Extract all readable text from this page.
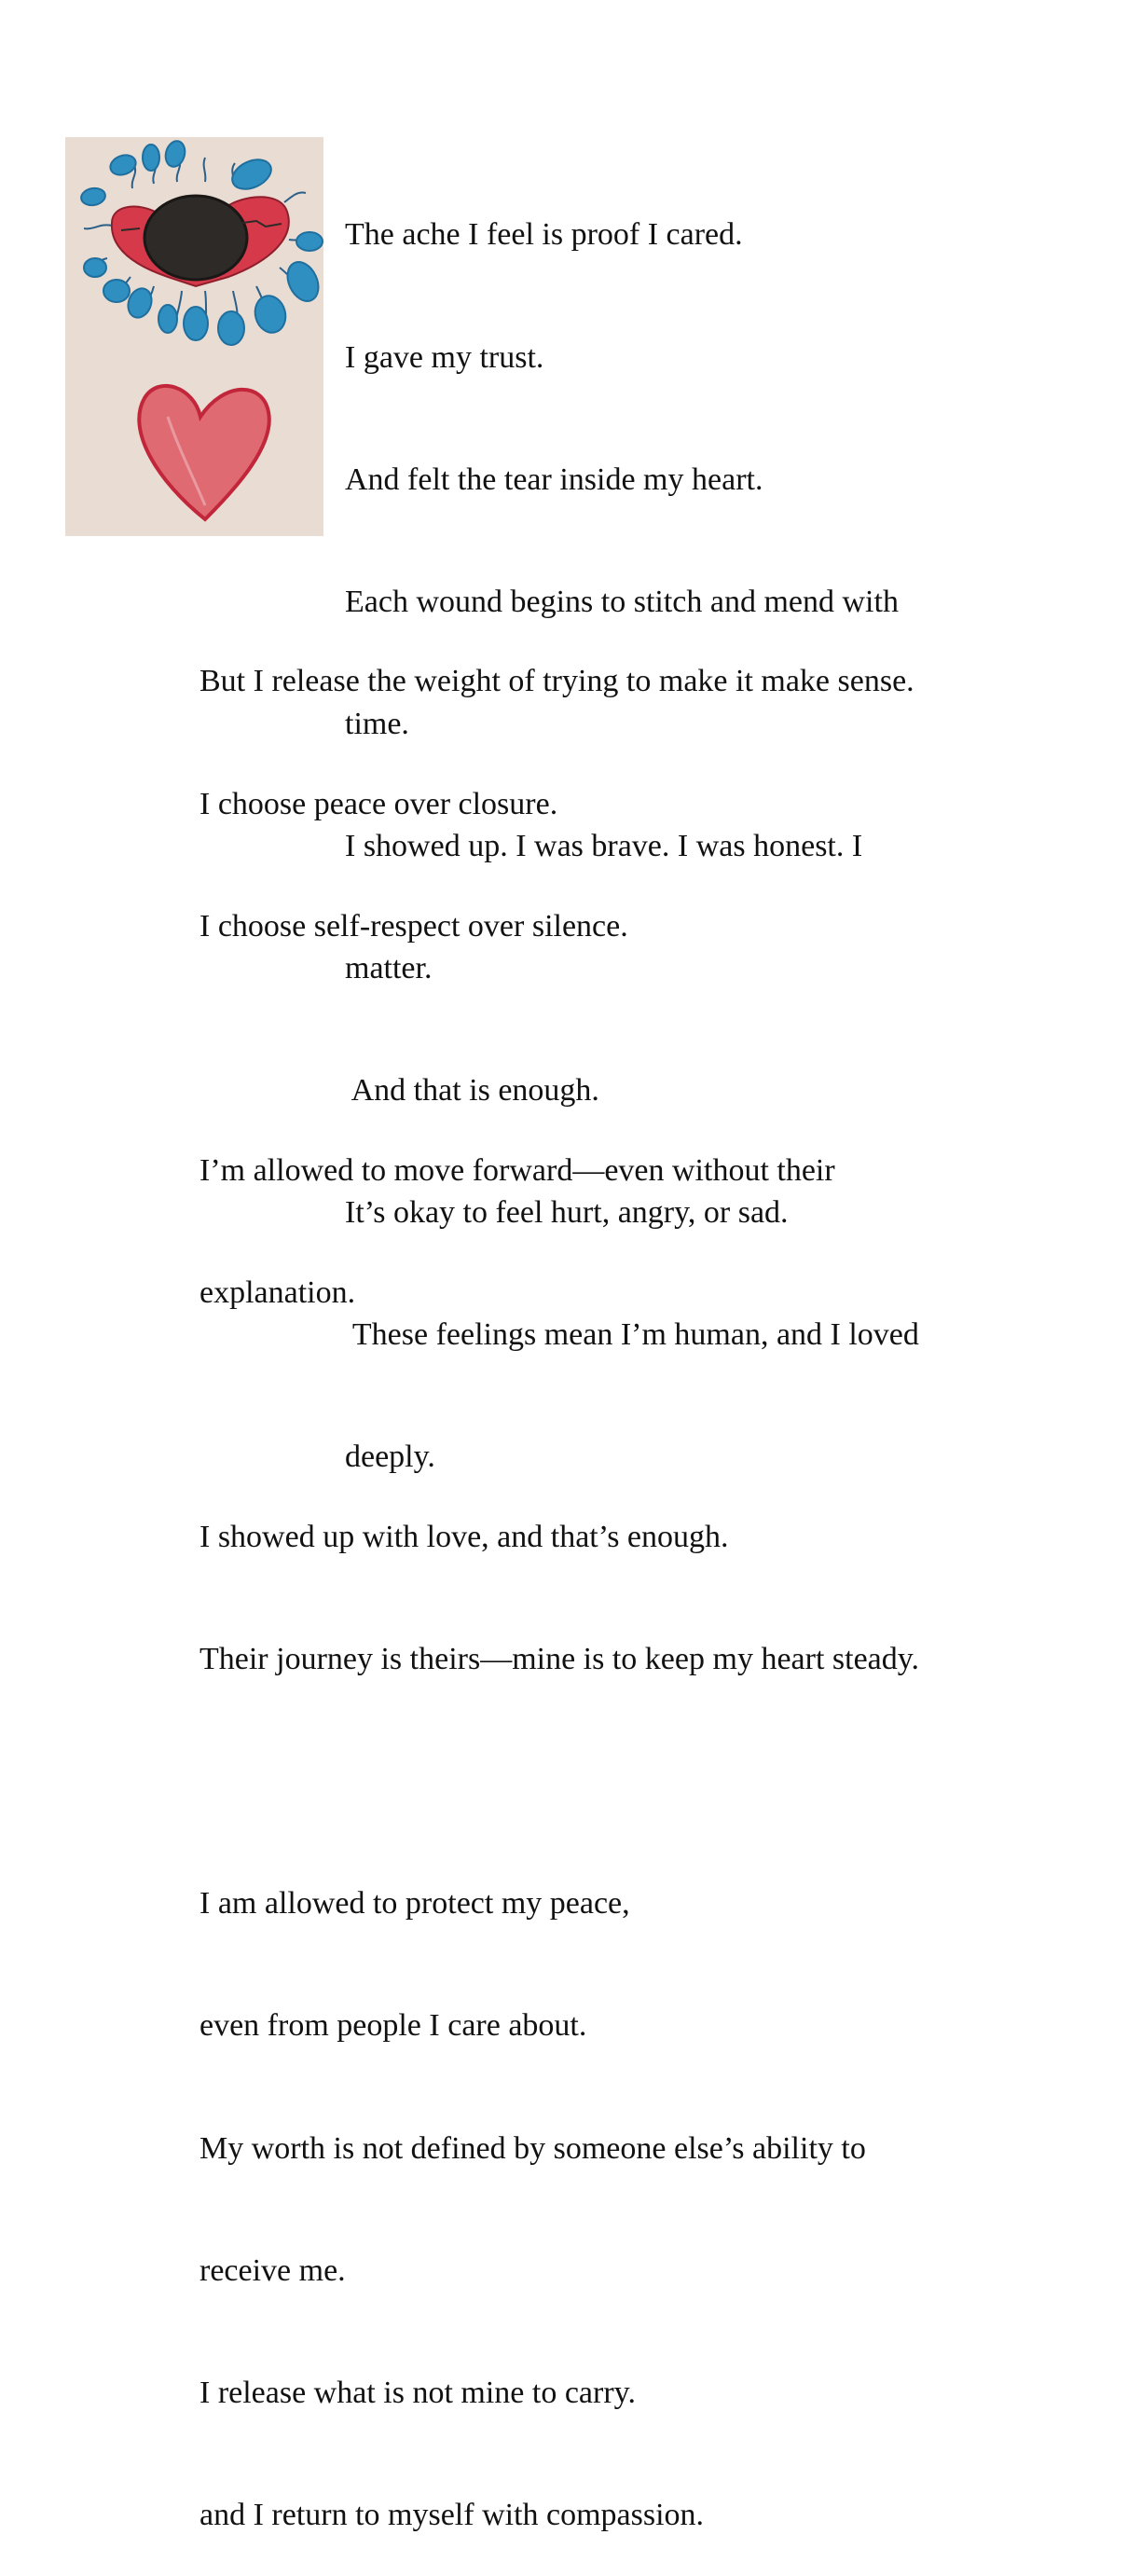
The ache I feel is proof I cared.

I gave my trust.

And felt the tear inside my heart.

Each wound begins to stitch and mend with

time.

I showed up. I was brave. I was honest. I

matter.

And that is enough.

It’s okay to feel hurt, angry, or sad.

These feelings mean I’m human, and I loved

deeply.

But I release the weight of trying to make it make sense.

I choose peace over closure.

I choose self-respect over silence.

I’m allowed to move forward—even without their

explanation.

I showed up with love, and that’s enough.

Their journey is theirs—mine is to keep my heart steady.

I am allowed to protect my peace,

even from people I care about.

My worth is not defined by someone else’s ability to

receive me.

I release what is not mine to carry.

and I return to myself with compassion.
